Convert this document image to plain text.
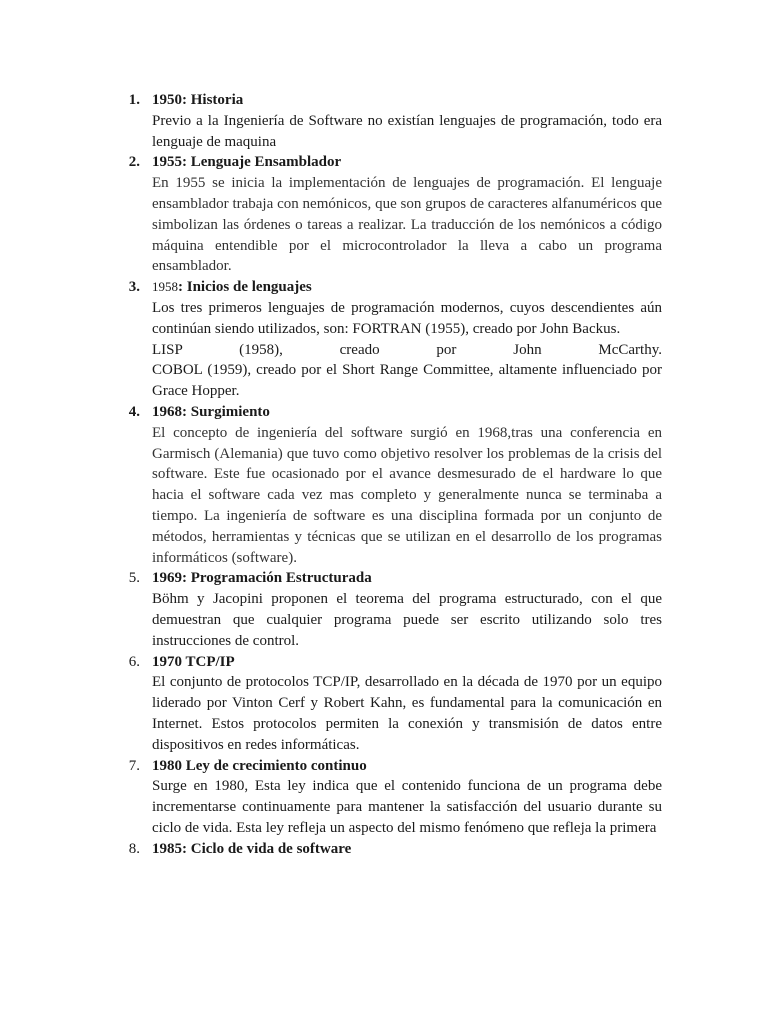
1. 1950: Historia

Previo a la Ingeniería de Software no existían lenguajes de programación, todo era lenguaje de maquina

2. 1955: Lenguaje Ensamblador

En 1955 se inicia la implementación de lenguajes de programación. El lenguaje ensamblador trabaja con nemónicos, que son grupos de caracteres alfanuméricos que simbolizan las órdenes o tareas a realizar. La traducción de los nemónicos a código máquina entendible por el microcontrolador la lleva a cabo un programa ensamblador.

3. 1958: Inicios de lenguajes

Los tres primeros lenguajes de programación modernos, cuyos descendientes aún continúan siendo utilizados, son: FORTRAN (1955), creado por John Backus.

LISP (1958), creado por John McCarthy.

COBOL (1959), creado por el Short Range Committee, altamente influenciado por Grace Hopper.

4. 1968: Surgimiento

El concepto de ingeniería del software surgió en 1968,tras una conferencia en Garmisch (Alemania) que tuvo como objetivo resolver los problemas de la crisis del software. Este fue ocasionado por el avance desmesurado de el hardware lo que hacia el software cada vez mas completo y generalmente nunca se terminaba a tiempo. La ingeniería de software es una disciplina formada por un conjunto de métodos, herramientas y técnicas que se utilizan en el desarrollo de los programas informáticos (software).

5. 1969: Programación Estructurada

Böhm y Jacopini proponen el teorema del programa estructurado, con el que demuestran que cualquier programa puede ser escrito utilizando solo tres instrucciones de control.

6. 1970 TCP/IP

El conjunto de protocolos TCP/IP, desarrollado en la década de 1970 por un equipo liderado por Vinton Cerf y Robert Kahn, es fundamental para la comunicación en Internet. Estos protocolos permiten la conexión y transmisión de datos entre dispositivos en redes informáticas.

7. 1980 Ley de crecimiento continuo

Surge en 1980, Esta ley indica que el contenido funciona de un programa debe incrementarse continuamente para mantener la satisfacción del usuario durante su ciclo de vida. Esta ley refleja un aspecto del mismo fenómeno que refleja la primera

8. 1985: Ciclo de vida de software
